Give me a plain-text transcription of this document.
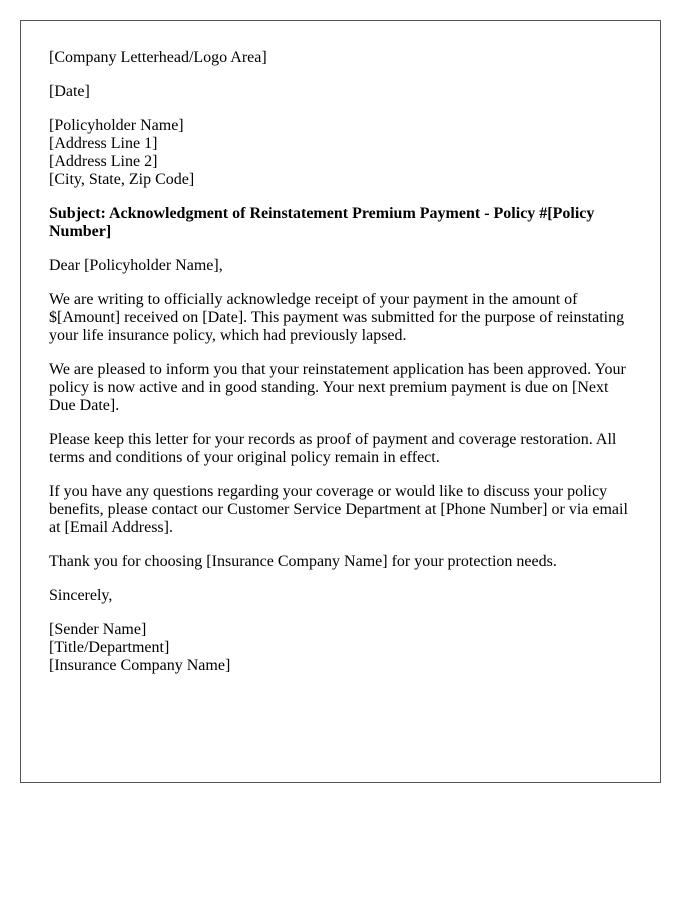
[Company Letterhead/Logo Area]

[Date]

[Policyholder Name]
[Address Line 1]
[Address Line 2]
[City, State, Zip Code]

Subject: Acknowledgment of Reinstatement Premium Payment - Policy #[Policy Number]

Dear [Policyholder Name],

We are writing to officially acknowledge receipt of your payment in the amount of $[Amount] received on [Date]. This payment was submitted for the purpose of reinstating your life insurance policy, which had previously lapsed.

We are pleased to inform you that your reinstatement application has been approved. Your policy is now active and in good standing. Your next premium payment is due on [Next Due Date].

Please keep this letter for your records as proof of payment and coverage restoration. All terms and conditions of your original policy remain in effect.

If you have any questions regarding your coverage or would like to discuss your policy benefits, please contact our Customer Service Department at [Phone Number] or via email at [Email Address].

Thank you for choosing [Insurance Company Name] for your protection needs.

Sincerely,

[Sender Name]
[Title/Department]
[Insurance Company Name]
